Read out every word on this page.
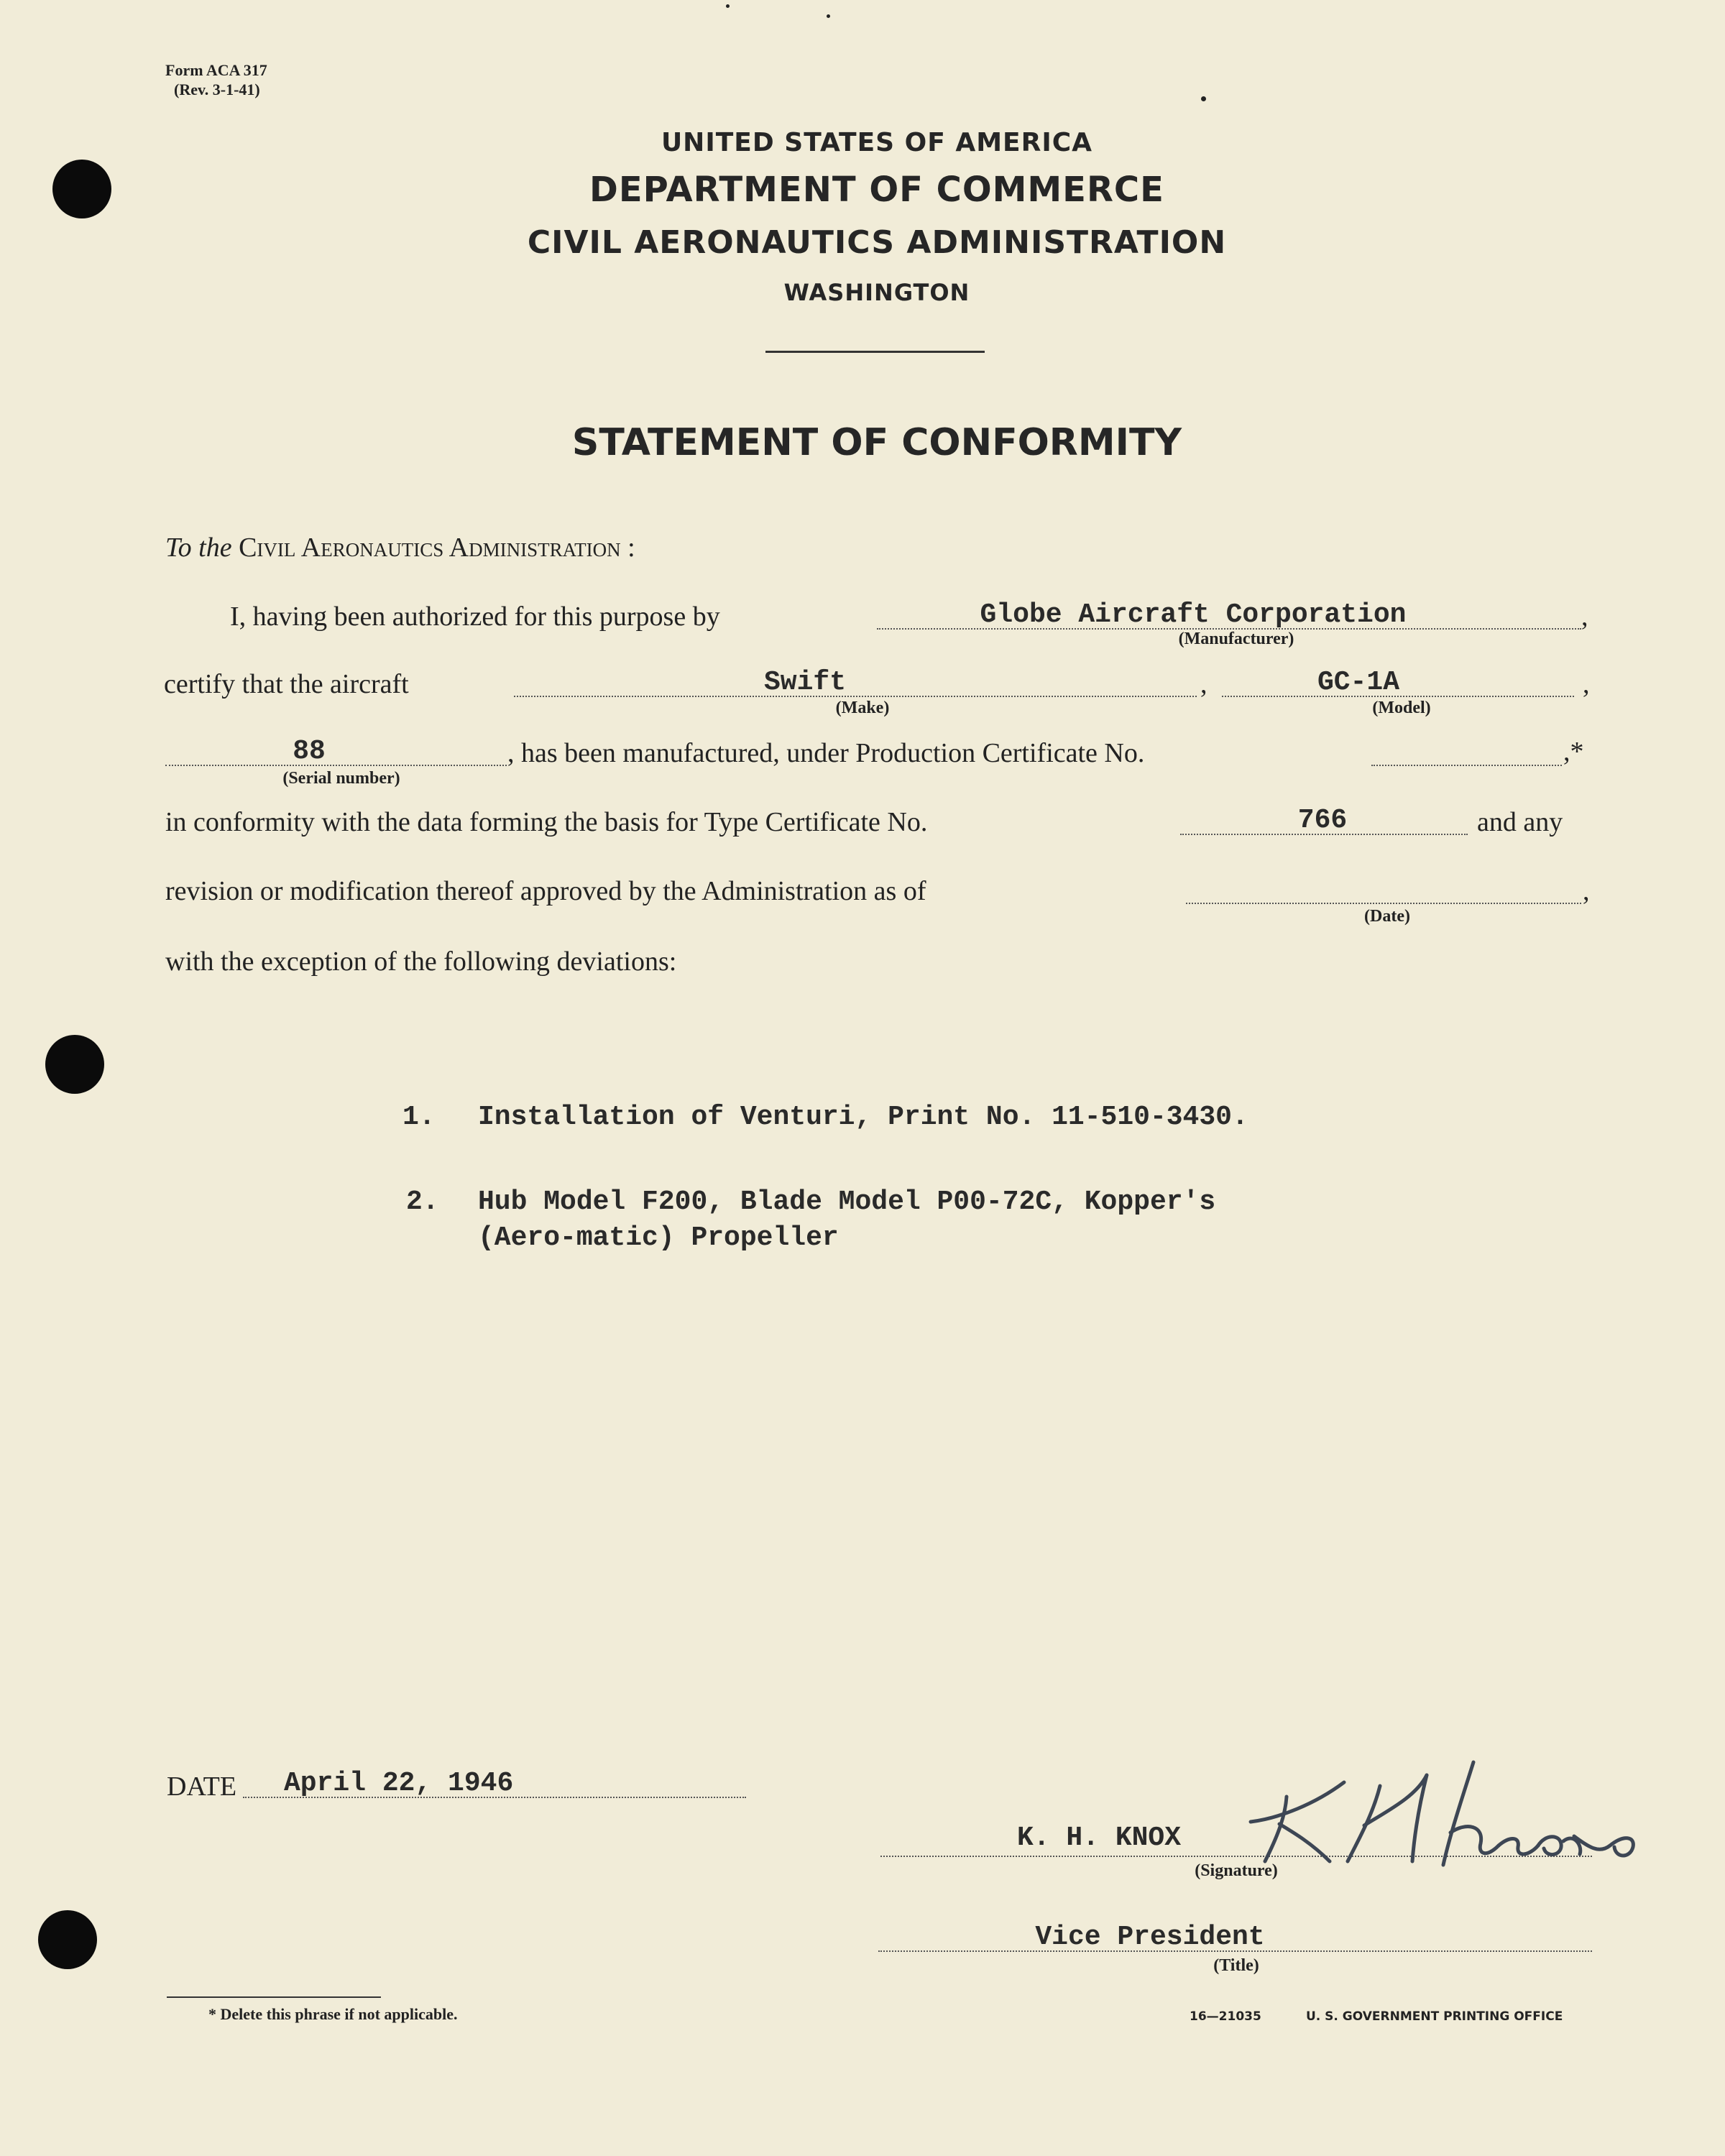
Form ACA 317
(Rev. 3-1-41)
UNITED STATES OF AMERICA
DEPARTMENT OF COMMERCE
CIVIL AERONAUTICS ADMINISTRATION
WASHINGTON
STATEMENT OF CONFORMITY
To the Civil Aeronautics Administration :
I, having been authorized for this purpose by	Globe Aircraft Corporation
(Manufacturer)
,
certify that the aircraft	Swift
(Make)
,	GC-1A
(Model)
,
88
(Serial number)
, has been manufactured, under Production Certificate No.	,*
in conformity with the data forming the basis for Type Certificate No.	766	and any
revision or modification thereof approved by the Administration as of
(Date)
,
with the exception of the following deviations:
1. Installation of Venturi, Print No. 11-510-3430.
2. Hub Model F200, Blade Model P00-72C, Kopper's
(Aero-matic) Propeller
DATE April 22, 1946
K. H. KNOX
(Signature)
Vice President
(Title)
* Delete this phrase if not applicable.	16—21035	U. S. GOVERNMENT PRINTING OFFICE
